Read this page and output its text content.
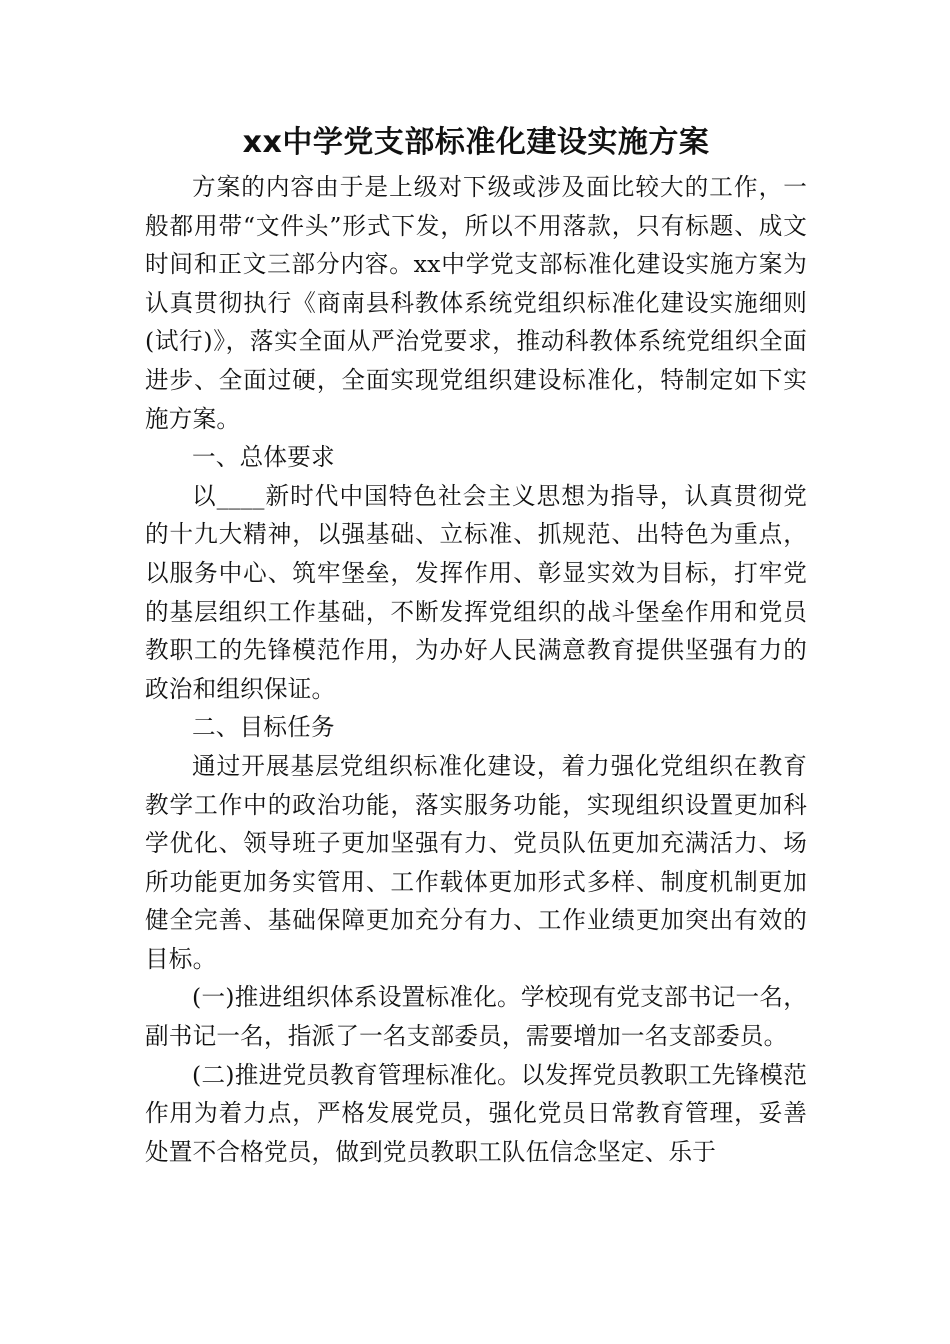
xx中学党支部标准化建设实施方案

方案的内容由于是上级对下级或涉及面比较大的工作，一般都用带“文件头”形式下发，所以不用落款，只有标题、成文时间和正文三部分内容。xx中学党支部标准化建设实施方案为认真贯彻执行《商南县科教体系统党组织标准化建设实施细则(试行)》，落实全面从严治党要求，推动科教体系统党组织全面进步、全面过硬，全面实现党组织建设标准化，特制定如下实施方案。

一、总体要求

以____新时代中国特色社会主义思想为指导，认真贯彻党的十九大精神，以强基础、立标准、抓规范、出特色为重点，以服务中心、筑牢堡垒，发挥作用、彰显实效为目标，打牢党的基层组织工作基础，不断发挥党组织的战斗堡垒作用和党员教职工的先锋模范作用，为办好人民满意教育提供坚强有力的政治和组织保证。

二、目标任务

通过开展基层党组织标准化建设，着力强化党组织在教育教学工作中的政治功能，落实服务功能，实现组织设置更加科学优化、领导班子更加坚强有力、党员队伍更加充满活力、场所功能更加务实管用、工作载体更加形式多样、制度机制更加健全完善、基础保障更加充分有力、工作业绩更加突出有效的目标。

(一)推进组织体系设置标准化。学校现有党支部书记一名，副书记一名，指派了一名支部委员，需要增加一名支部委员。

(二)推进党员教育管理标准化。以发挥党员教职工先锋模范作用为着力点，严格发展党员，强化党员日常教育管理，妥善处置不合格党员，做到党员教职工队伍信念坚定、乐于
